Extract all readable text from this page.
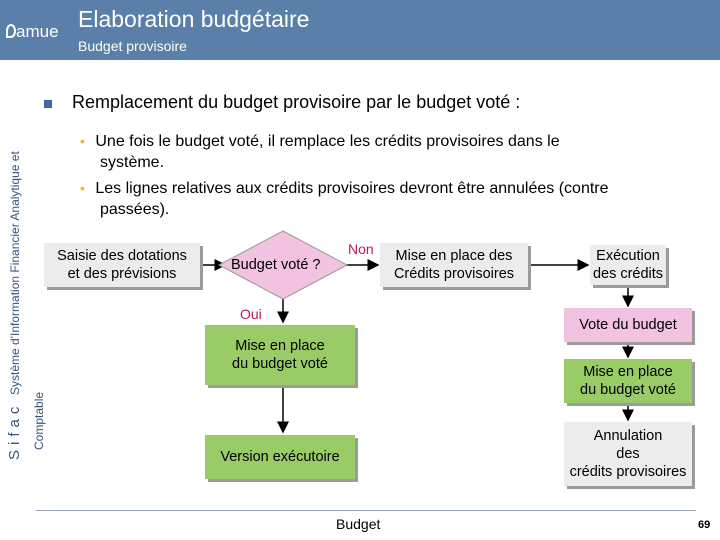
amue Elaboration budgétaire
Budget provisoire
Sifac  Système d'Information Financier Analytique et
Comptable
Remplacement du budget provisoire par le budget voté :
• Une fois le budget voté, il remplace les crédits provisoires dans le
système.
• Les lignes relatives aux crédits provisoires devront être annulées (contre
passées).
Saisie des dotations
et des prévisions
Budget voté ?
Non
Oui
Mise en place des
Crédits provisoires
Exécution
des crédits
Vote du budget
Mise en place
du budget voté	Mise en place
du budget voté
Version exécutoire
Annulation
des
crédits provisoires
Budget	69
